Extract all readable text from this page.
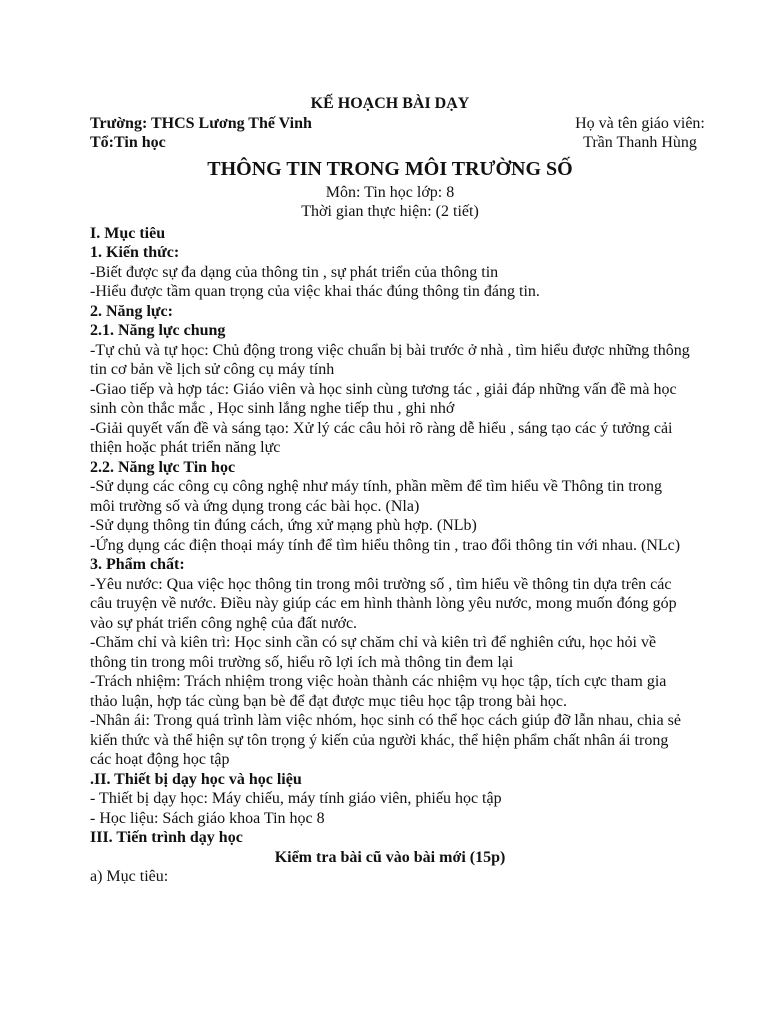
KẾ HOẠCH BÀI DẠY

Trường: THCS Lương Thế Vinh

Tổ:Tin học

Họ và tên giáo viên:

Trần Thanh Hùng

THÔNG TIN TRONG MÔI TRƯỜNG SỐ

Môn: Tin học lớp: 8

Thời gian thực hiện: (2 tiết)

I. Mục tiêu

1. Kiến thức:

-Biết được sự đa dạng của thông tin , sự phát triển của thông tin

-Hiểu được tầm quan trọng của việc khai thác đúng thông tin đáng tin.

2. Năng lực:

2.1. Năng lực chung

-Tự chủ và tự học: Chủ động trong việc chuẩn bị bài trước ở nhà , tìm hiểu được những thông tin cơ bản về lịch sử công cụ máy tính

-Giao tiếp và hợp tác: Giáo viên và học sinh cùng tương tác , giải đáp những vấn đề mà học sinh còn thắc mắc , Học sinh lắng nghe tiếp thu , ghi nhớ

-Giải quyết vấn đề và sáng tạo: Xử lý các câu hỏi rõ ràng dễ hiểu , sáng tạo các ý tưởng cải thiện hoặc phát triển năng lực

2.2. Năng lực Tin học

-Sử dụng các công cụ công nghệ như máy tính, phần mềm để tìm hiểu về Thông tin trong môi trường số và ứng dụng trong các bài học. (Nla)

-Sử dụng thông tin đúng cách, ứng xử mạng phù hợp. (NLb)

-Ứng dụng các điện thoại máy tính để tìm hiểu thông tin , trao đổi thông tin với nhau. (NLc)

3. Phẩm chất:

-Yêu nước: Qua việc học thông tin trong môi trường số , tìm hiểu về thông tin dựa trên các câu truyện về nước. Điều này giúp các em hình thành lòng yêu nước, mong muốn đóng góp vào sự phát triển công nghệ của đất nước.

-Chăm chỉ và kiên trì: Học sinh cần có sự chăm chỉ và kiên trì để nghiên cứu, học hỏi về thông tin trong môi trường số, hiểu rõ lợi ích mà thông tin đem lại

-Trách nhiệm: Trách nhiệm trong việc hoàn thành các nhiệm vụ học tập, tích cực tham gia thảo luận, hợp tác cùng bạn bè để đạt được mục tiêu học tập trong bài học.

-Nhân ái: Trong quá trình làm việc nhóm, học sinh có thể học cách giúp đỡ lẫn nhau, chia sẻ kiến thức và thể hiện sự tôn trọng ý kiến của người khác, thể hiện phẩm chất nhân ái trong các hoạt động học tập

.II. Thiết bị dạy học và học liệu

- Thiết bị dạy học: Máy chiếu, máy tính giáo viên, phiếu học tập

- Học liệu: Sách giáo khoa Tin học 8

III. Tiến trình dạy học

Kiểm tra bài cũ vào bài mới (15p)

a) Mục tiêu:
